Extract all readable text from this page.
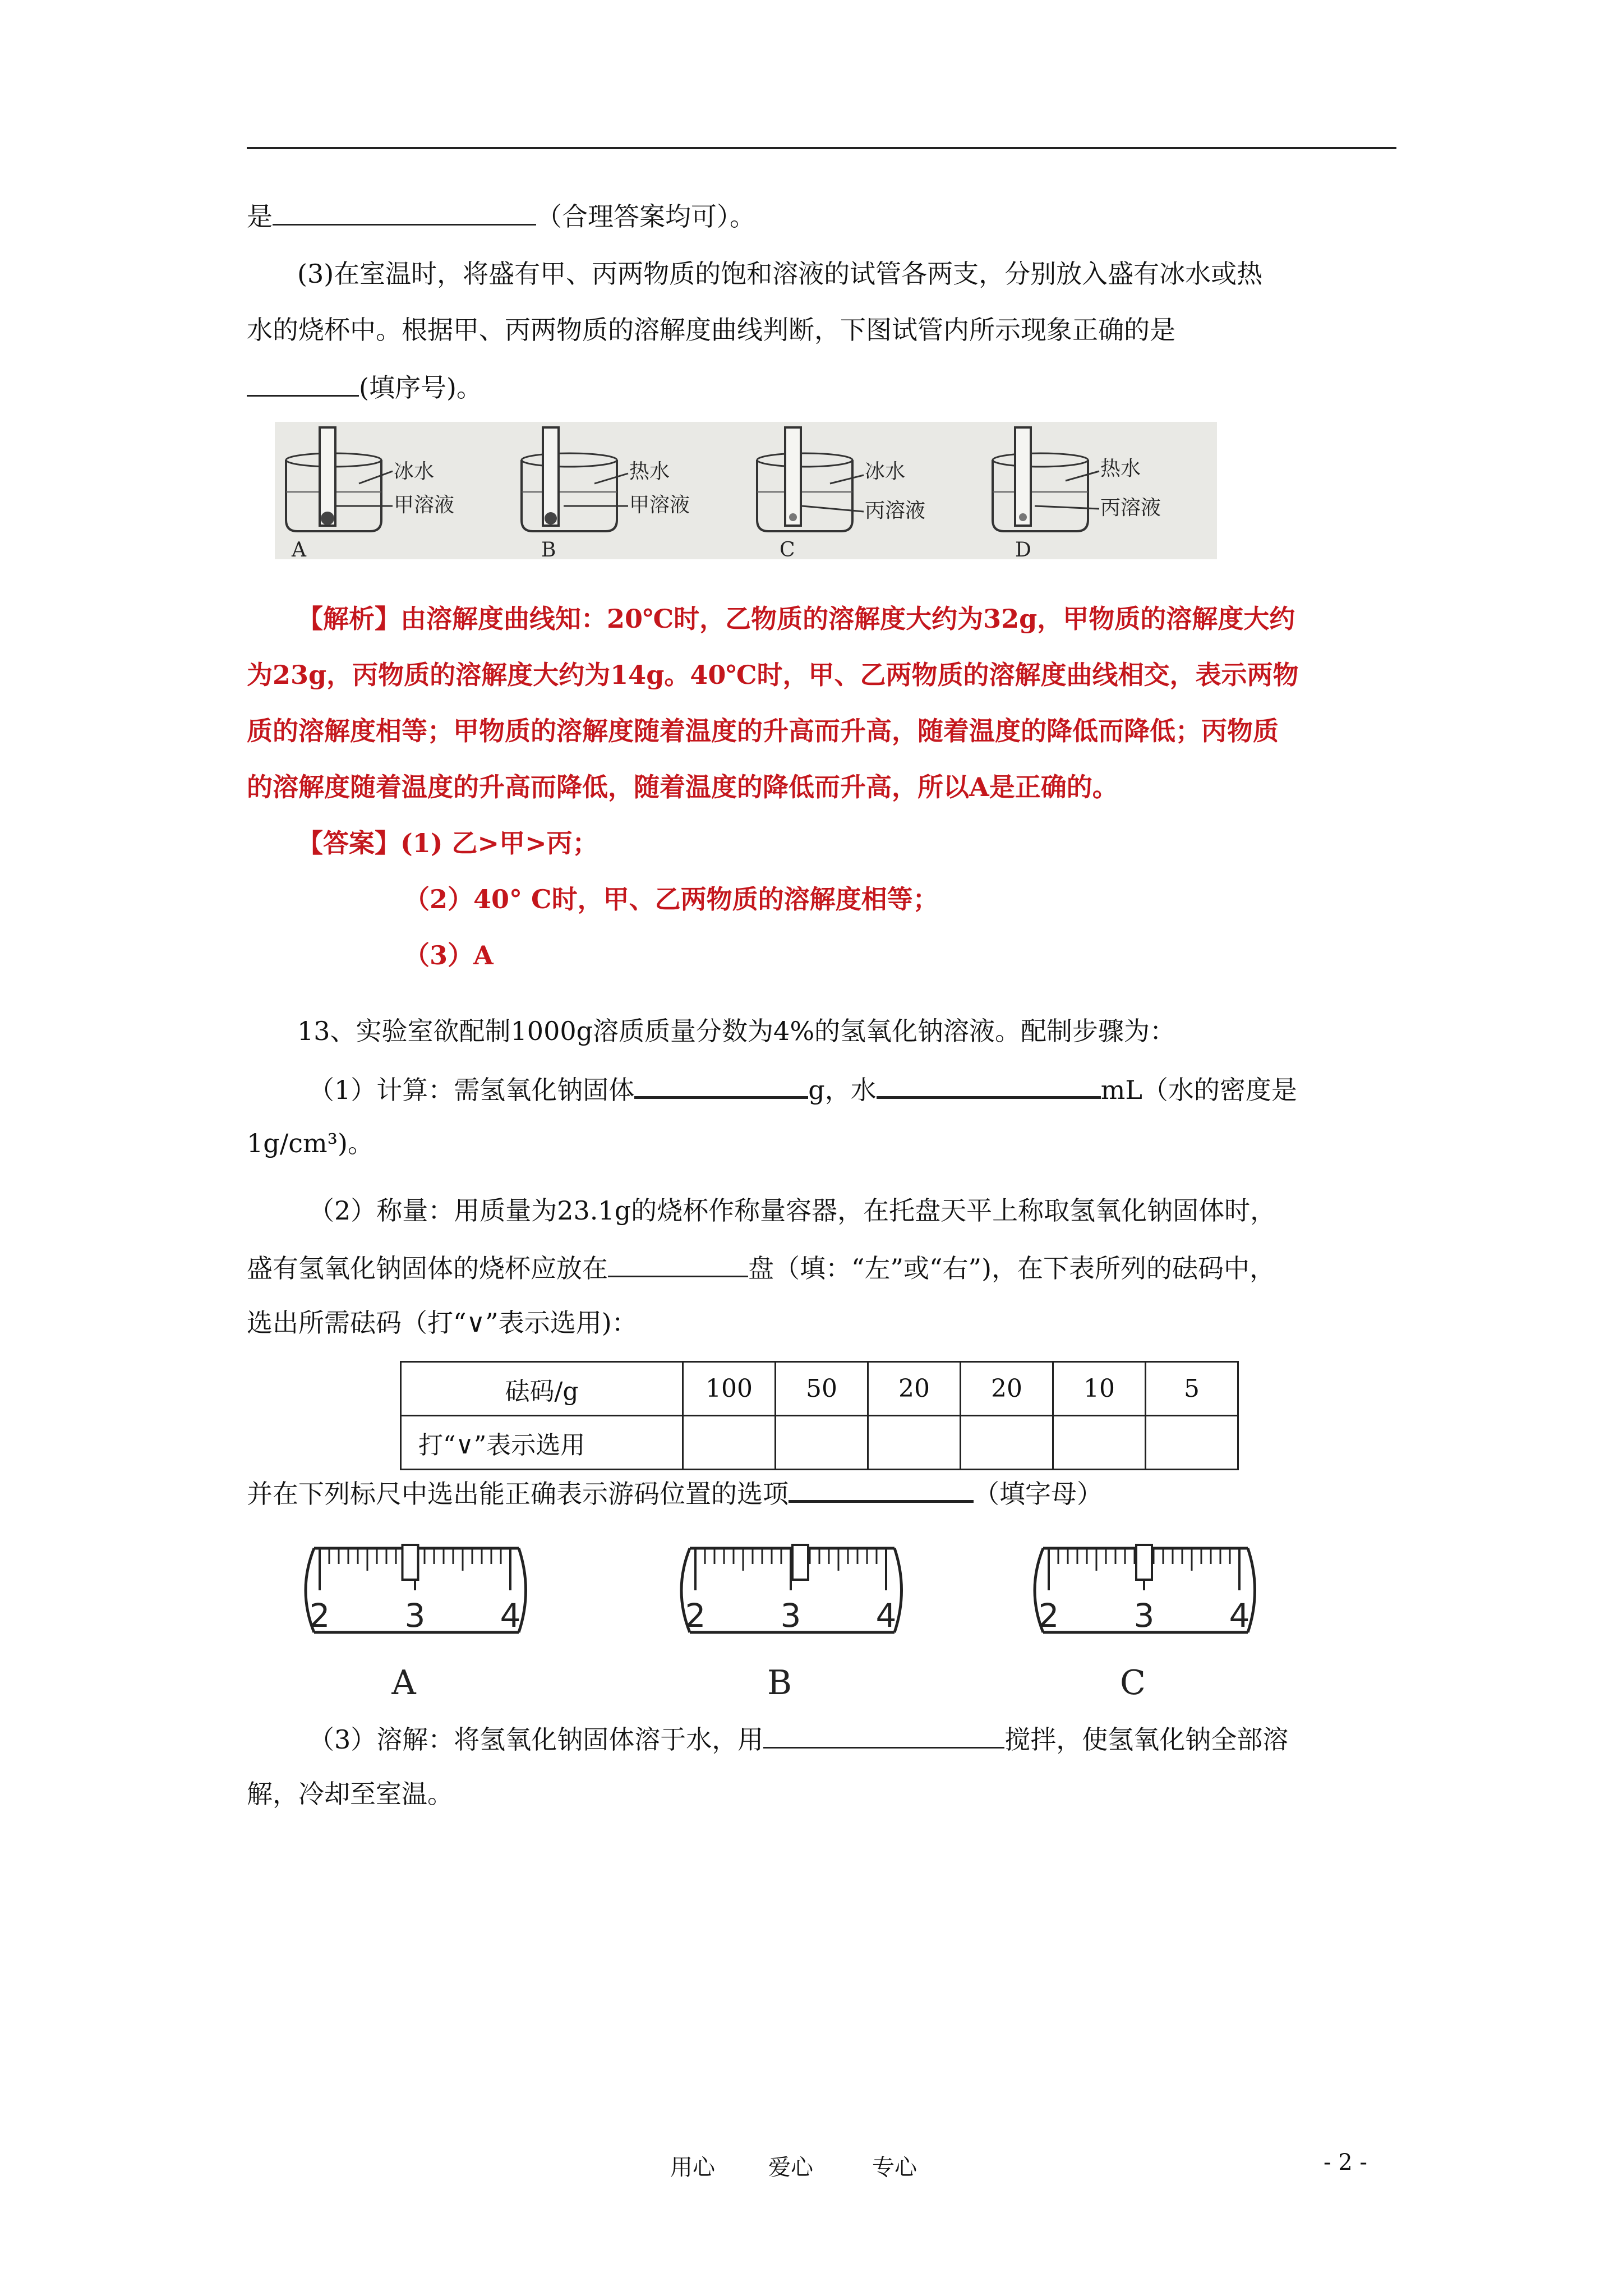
是	（合理答案均可）。
(3)在室温时，将盛有甲、丙两物质的饱和溶液的试管各两支，分别放入盛有冰水或热
水的烧杯中。根据甲、丙两物质的溶解度曲线判断，下图试管内所示现象正确的是
(填序号)。
冰水
甲溶液
A
热水
甲溶液
B
冰水
丙溶液
C
热水
丙溶液
D
【解析】由溶解度曲线知：20℃时，乙物质的溶解度大约为32g，甲物质的溶解度大约
为23g，丙物质的溶解度大约为14g。40℃时，甲、乙两物质的溶解度曲线相交，表示两物
质的溶解度相等；甲物质的溶解度随着温度的升高而升高，随着温度的降低而降低；丙物质
的溶解度随着温度的升高而降低，随着温度的降低而升高，所以A是正确的。
【答案】(1) 乙>甲>丙；
（2）40° C时，甲、乙两物质的溶解度相等；
（3）A
13、实验室欲配制1000g溶质质量分数为4%的氢氧化钠溶液。配制步骤为：
（1）计算：需氢氧化钠固体	g，水	mL（水的密度是
1g/cm³)。
（2）称量：用质量为23.1g的烧杯作称量容器，在托盘天平上称取氢氧化钠固体时，
盛有氢氧化钠固体的烧杯应放在	盘（填：“左”或“右”)，在下表所列的砝码中，
选出所需砝码（打“∨”表示选用)：
砝码/g	100	50	20	20	10	5
打“∨”表示选用						
并在下列标尺中选出能正确表示游码位置的选项	（填字母）
2 3 4
A
2 3 4
B
2 3 4
C
（3）溶解：将氢氧化钠固体溶于水，用	搅拌，使氢氧化钠全部溶
解，冷却至室温。
用心 爱心	专心	- 2 -
